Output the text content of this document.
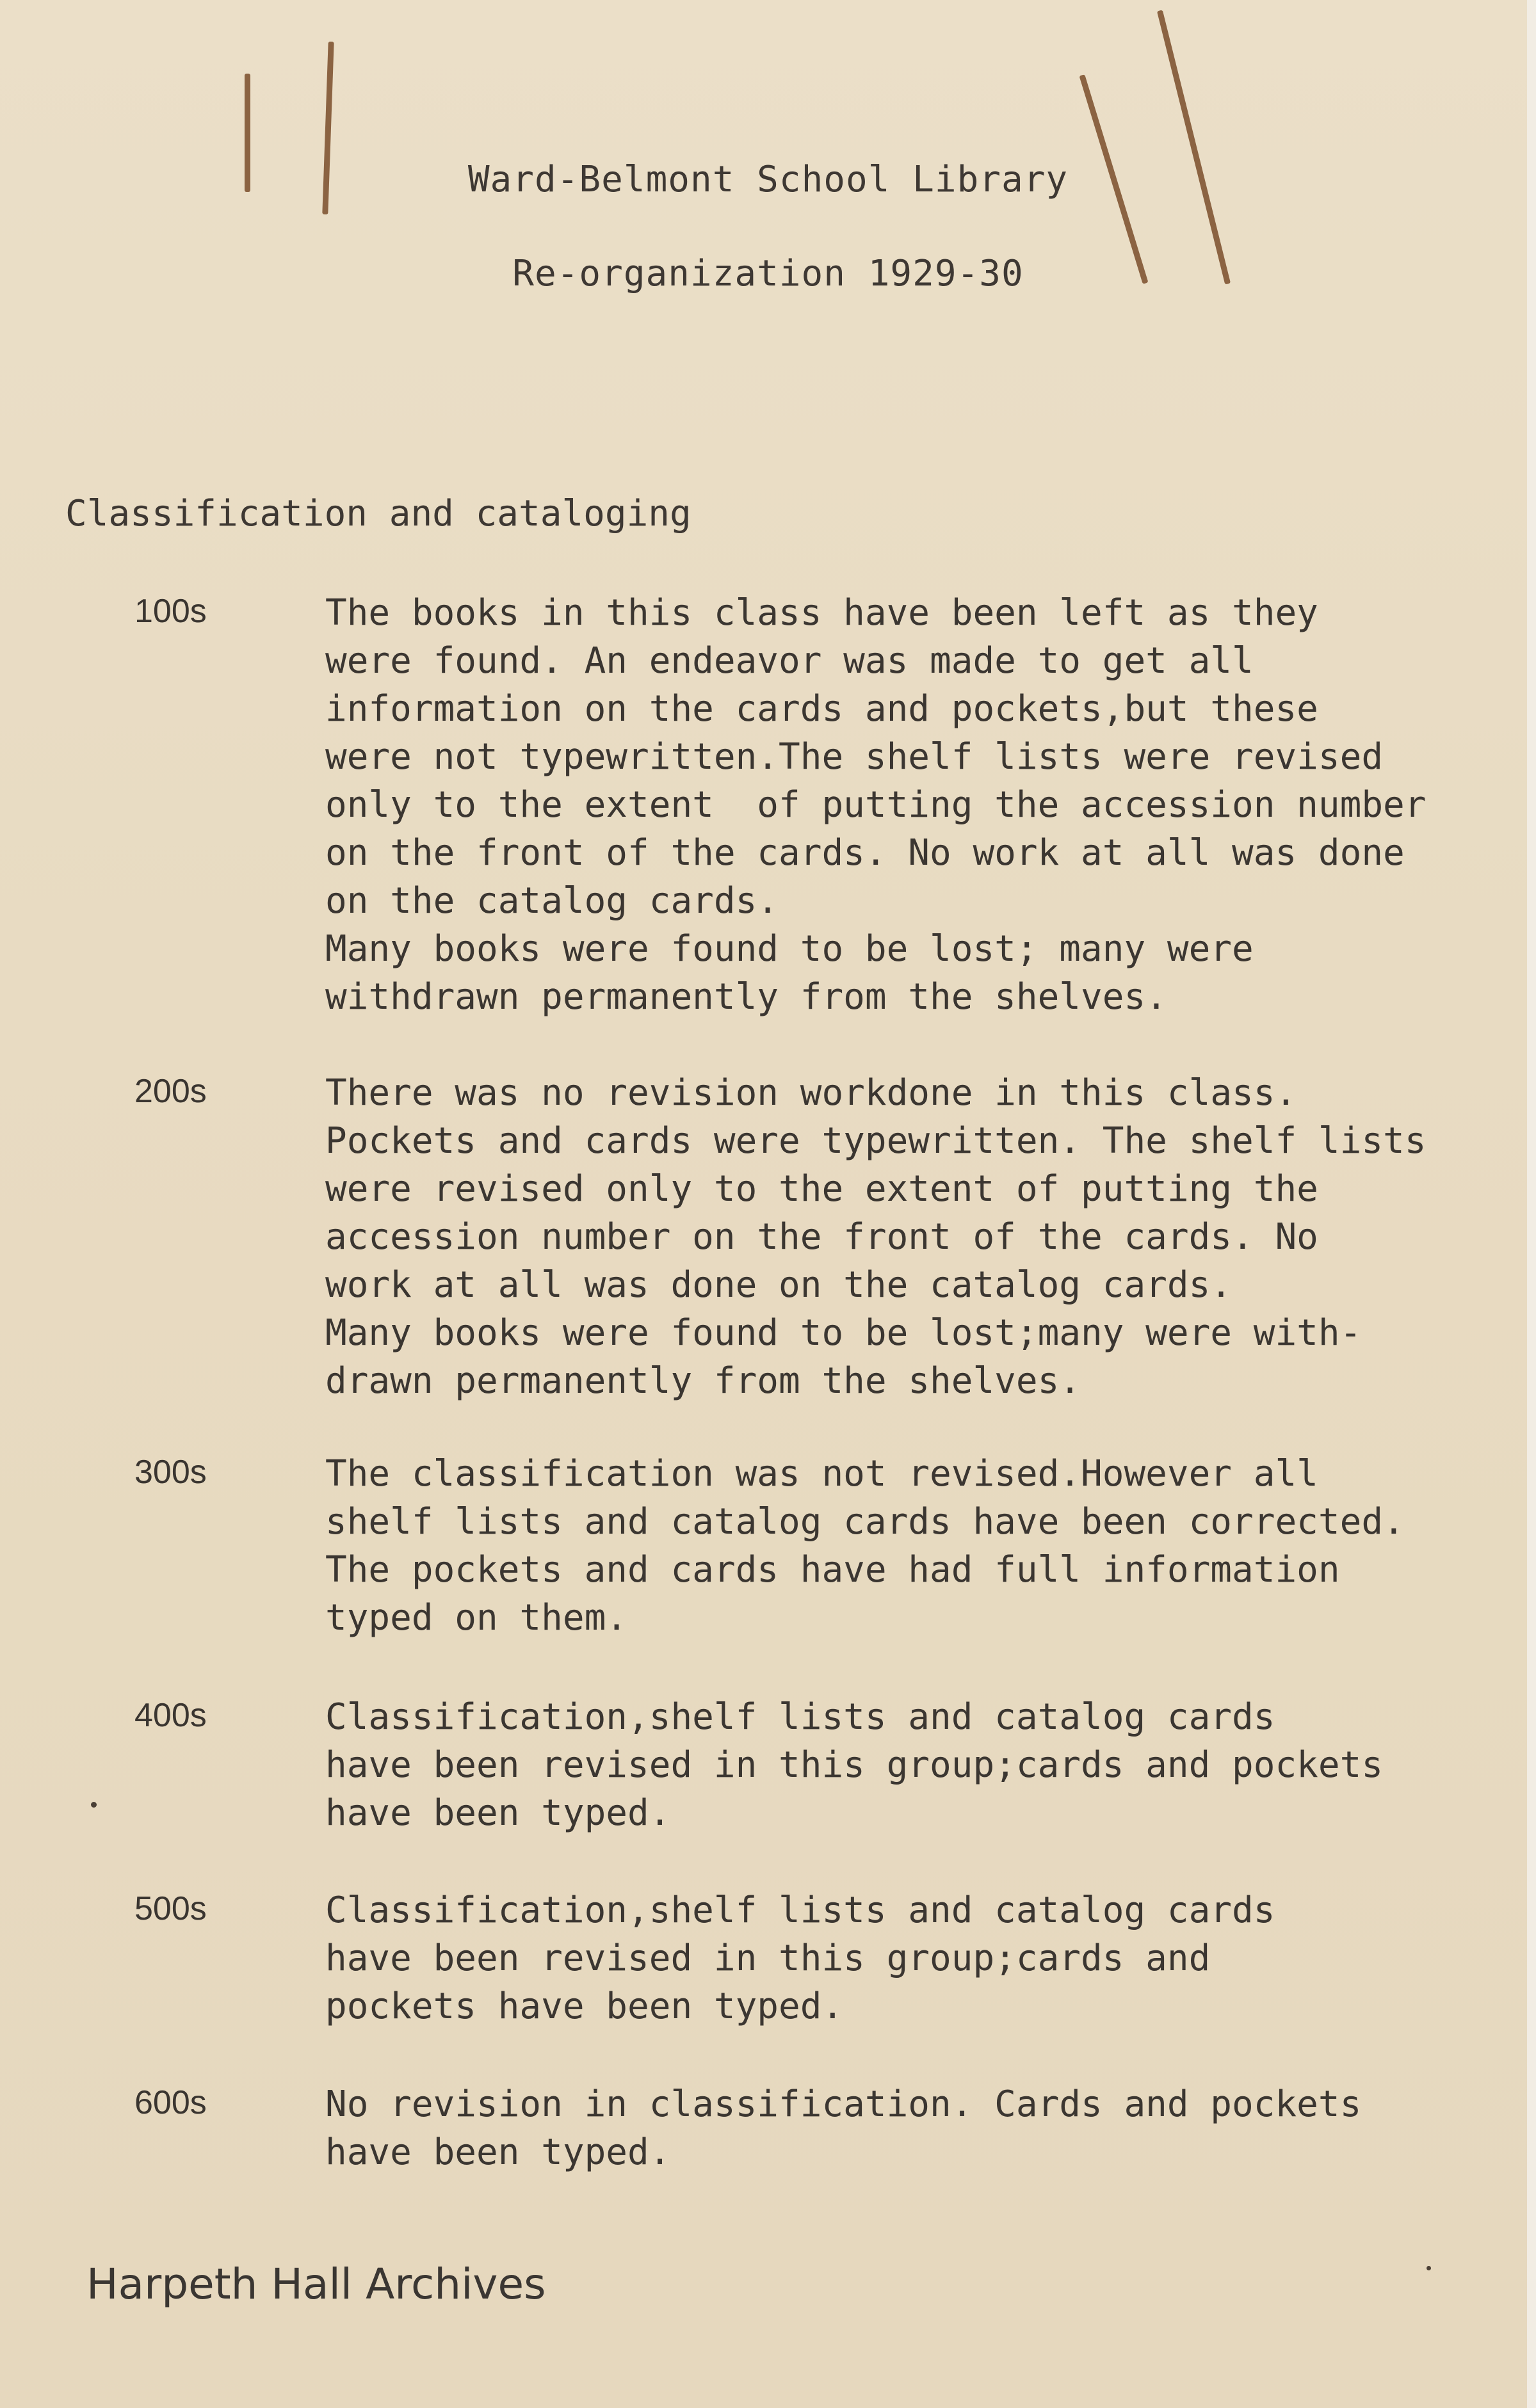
Ward-Belmont School Library
Re-organization 1929-30
Classification and cataloging
100s	The books in this class have been left as they
were found. An endeavor was made to get all
information on the cards and pockets,but these
were not typewritten.The shelf lists were revised
only to the extent  of putting the accession number
on the front of the cards. No work at all was done
on the catalog cards.
Many books were found to be lost; many were
withdrawn permanently from the shelves.
200s	There was no revision workdone in this class.
Pockets and cards were typewritten. The shelf lists
were revised only to the extent of putting the
accession number on the front of the cards. No
work at all was done on the catalog cards.
Many books were found to be lost;many were with-
drawn permanently from the shelves.
300s	The classification was not revised.However all
shelf lists and catalog cards have been corrected.
The pockets and cards have had full information
typed on them.
400s	Classification,shelf lists and catalog cards
have been revised in this group;cards and pockets
have been typed.
500s	Classification,shelf lists and catalog cards
have been revised in this group;cards and
pockets have been typed.
600s	No revision in classification. Cards and pockets
have been typed.
Harpeth Hall Archives
